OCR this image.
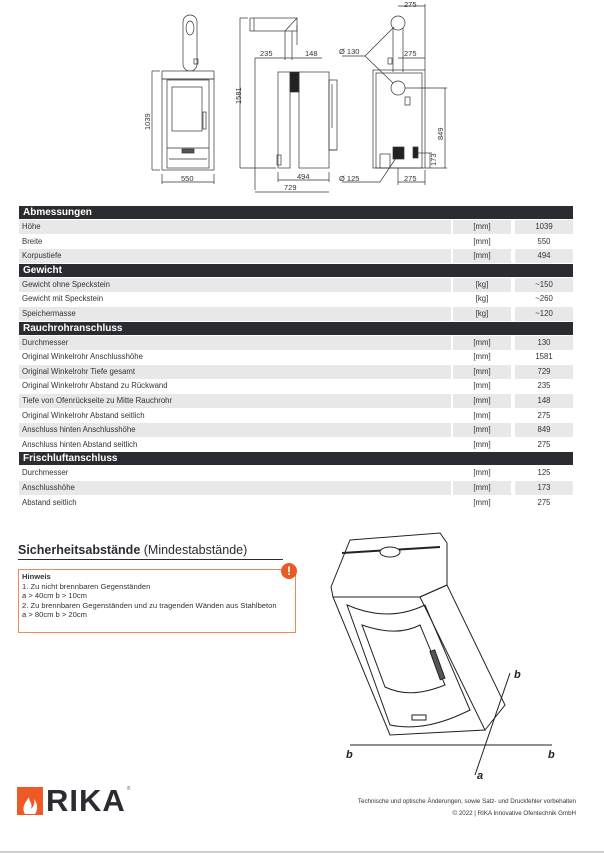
1039
550
1581
235	148
494
729
275
Ø 130	275
849
173
Ø 125	275
Abmessungen
Höhe	[mm]	1039
Breite	[mm]	550
Korpustiefe	[mm]	494
Gewicht
Gewicht ohne Speckstein	[kg]	~150
Gewicht mit Speckstein	[kg]	~260
Speichermasse	[kg]	~120
Rauchrohranschluss
Durchmesser	[mm]	130
Original Winkelrohr Anschlusshöhe	[mm]	1581
Original Winkelrohr Tiefe gesamt	[mm]	729
Original Winkelrohr Abstand zu Rückwand	[mm]	235
Tiefe von Ofenrückseite zu Mitte Rauchrohr	[mm]	148
Original Winkelrohr Abstand seitlich	[mm]	275
Anschluss hinten Anschlusshöhe	[mm]	849
Anschluss hinten Abstand seitlich	[mm]	275
Frischluftanschluss
Durchmesser	[mm]	125
Anschlusshöhe	[mm]	173
Abstand seitlich	[mm]	275
Sicherheitsabstände (Mindestabstände)
Hinweis
1. Zu nicht brennbaren Gegenständen
a > 40cm b > 10cm
2. Zu brennbaren Gegenständen und zu tragenden Wänden aus Stahlbeton
a > 80cm b > 20cm
!
b	b
b
a
RIKA ®
Technische und optische Änderungen, sowie Satz- und Druckfehler vorbehalten
© 2022 | RIKA Innovative Ofentechnik GmbH
